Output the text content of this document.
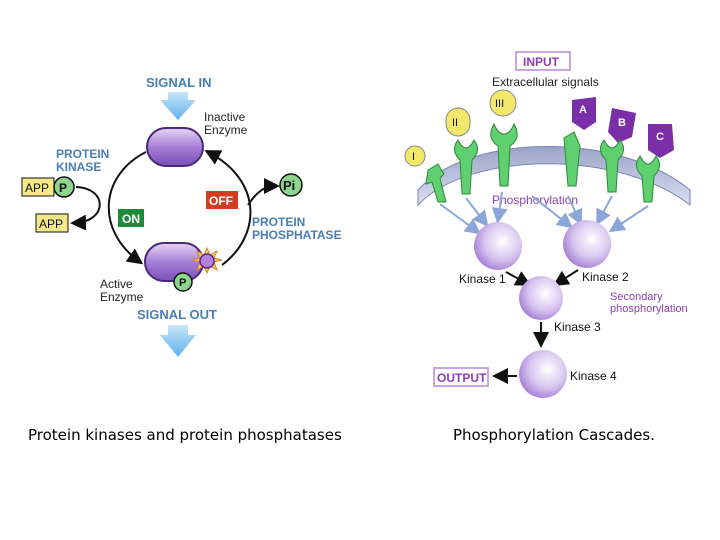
SIGNAL IN
Inactive Enzyme
PROTEIN KINASE
APP P
APP	ON
OFF
Pi
PROTEIN PHOSPHATASE
P
Active Enzyme
SIGNAL OUT
INPUT
Extracellular signals
I
II
III	A
B
C
Phosphorylation
Kinase 1	Kinase 2
Kinase 3
Secondary phosphorylation
Kinase 4
OUTPUT
Protein kinases and protein phosphatases	Phosphorylation Cascades.
